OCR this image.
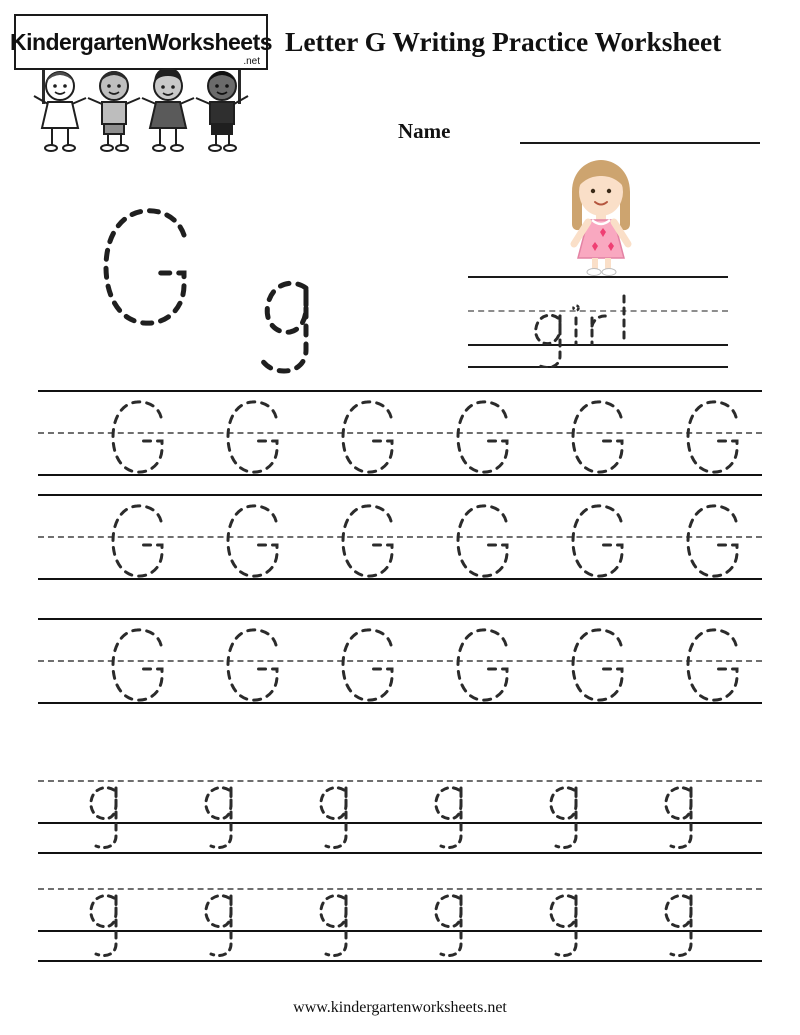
KindergartenWorksheets
.net
Letter G Writing Practice Worksheet
Name
www.kindergartenworksheets.net
